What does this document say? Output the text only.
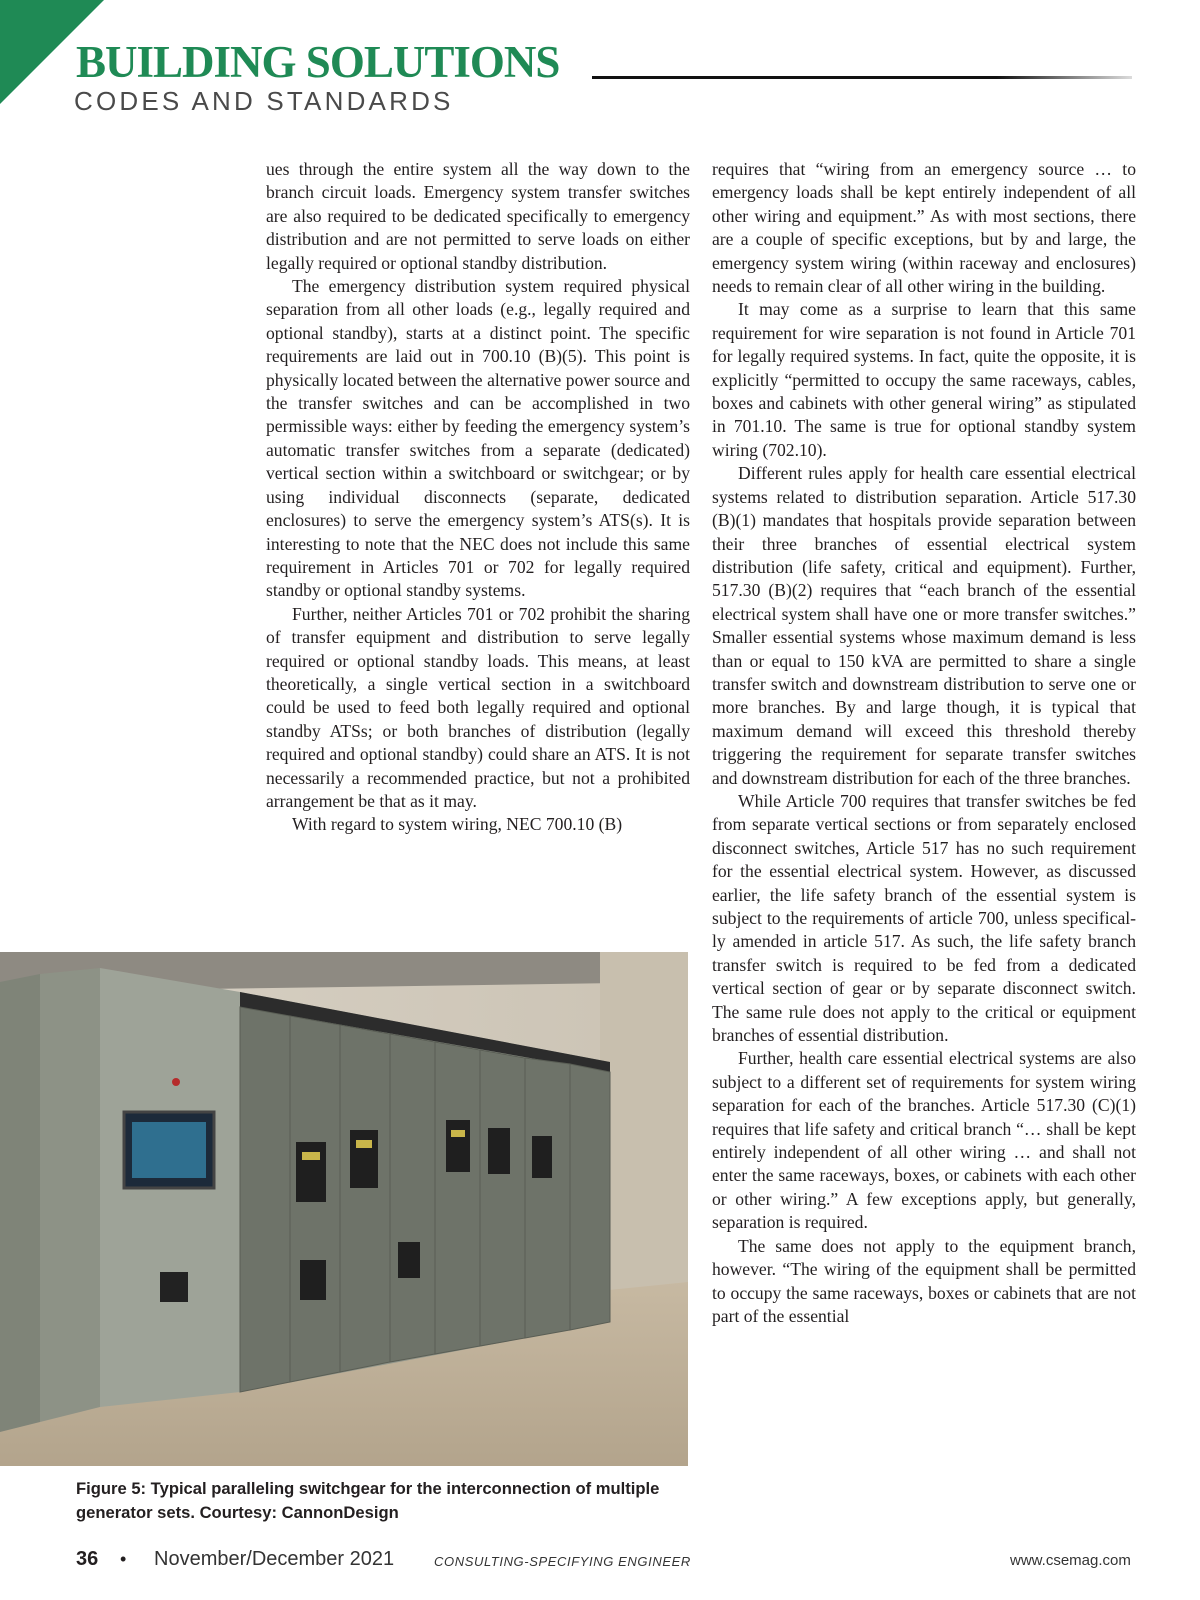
BUILDING SOLUTIONS
CODES AND STANDARDS

ues through the entire system all the way down to the branch circuit loads. Emergency system transfer switches are also required to be dedicated specifically to emergency distribution and are not permitted to serve loads on either legally required or optional standby distribution.

The emergency distribution system required physical separation from all other loads (e.g., legally required and optional standby), starts at a distinct point. The specific requirements are laid out in 700.10 (B)(5). This point is physically located between the alternative power source and the transfer switches and can be accomplished in two permissible ways: either by feeding the emergency system’s automatic transfer switches from a separate (dedicated) vertical section within a switchboard or switchgear; or by using individual disconnects (separate, dedicated enclosures) to serve the emergency system’s ATS(s). It is interesting to note that the NEC does not include this same requirement in Articles 701 or 702 for legally required standby or optional standby systems.

Further, neither Articles 701 or 702 prohibit the sharing of transfer equipment and distribution to serve legally required or optional standby loads. This means, at least theoretically, a single vertical section in a switchboard could be used to feed both legally required and optional standby ATSs; or both branches of distribution (legally required and optional standby) could share an ATS. It is not necessarily a recommended practice, but not a prohibited arrangement be that as it may.

With regard to system wiring, NEC 700.10 (B)

requires that “wiring from an emergency source … to emergency loads shall be kept entirely independent of all other wiring and equipment.” As with most sections, there are a couple of specific exceptions, but by and large, the emergency system wiring (within raceway and enclosures) needs to remain clear of all other wiring in the building.

It may come as a surprise to learn that this same requirement for wire separation is not found in Article 701 for legally required systems. In fact, quite the opposite, it is explicitly “permitted to occupy the same raceways, cables, boxes and cabinets with other general wiring” as stipulated in 701.10. The same is true for optional standby system wiring (702.10).

Different rules apply for health care essential electrical systems related to distribution separation. Article 517.30 (B)(1) mandates that hospitals provide separation between their three branches of essential electrical system distribution (life safety, critical and equipment). Further, 517.30 (B)(2) requires that “each branch of the essential electrical system shall have one or more transfer switches.” Smaller essential systems whose maximum demand is less than or equal to 150 kVA are permitted to share a single transfer switch and downstream distribution to serve one or more branches. By and large though, it is typical that maximum demand will exceed this threshold thereby triggering the requirement for separate transfer switches and downstream distribution for each of the three branches.

While Article 700 requires that transfer switches be fed from separate vertical sections or from separately enclosed disconnect switches, Article 517 has no such requirement for the essential electrical system. However, as discussed earlier, the life safety branch of the essential system is subject to the requirements of article 700, unless specifically amended in article 517. As such, the life safety branch transfer switch is required to be fed from a dedicated vertical section of gear or by separate disconnect switch. The same rule does not apply to the critical or equipment branches of essential distribution.

Further, health care essential electrical systems are also subject to a different set of requirements for system wiring separation for each of the branches. Article 517.30 (C)(1) requires that life safety and critical branch “… shall be kept entirely independent of all other wiring … and shall not enter the same raceways, boxes, or cabinets with each other or other wiring.” A few exceptions apply, but generally, separation is required.

The same does not apply to the equipment branch, however. “The wiring of the equipment shall be permitted to occupy the same raceways, boxes or cabinets that are not part of the essential

Figure 5: Typical paralleling switchgear for the interconnection of multiple generator sets. Courtesy: CannonDesign
36 • November/December 2021	CONSULTING-SPECIFYING ENGINEER	www.csemag.com
